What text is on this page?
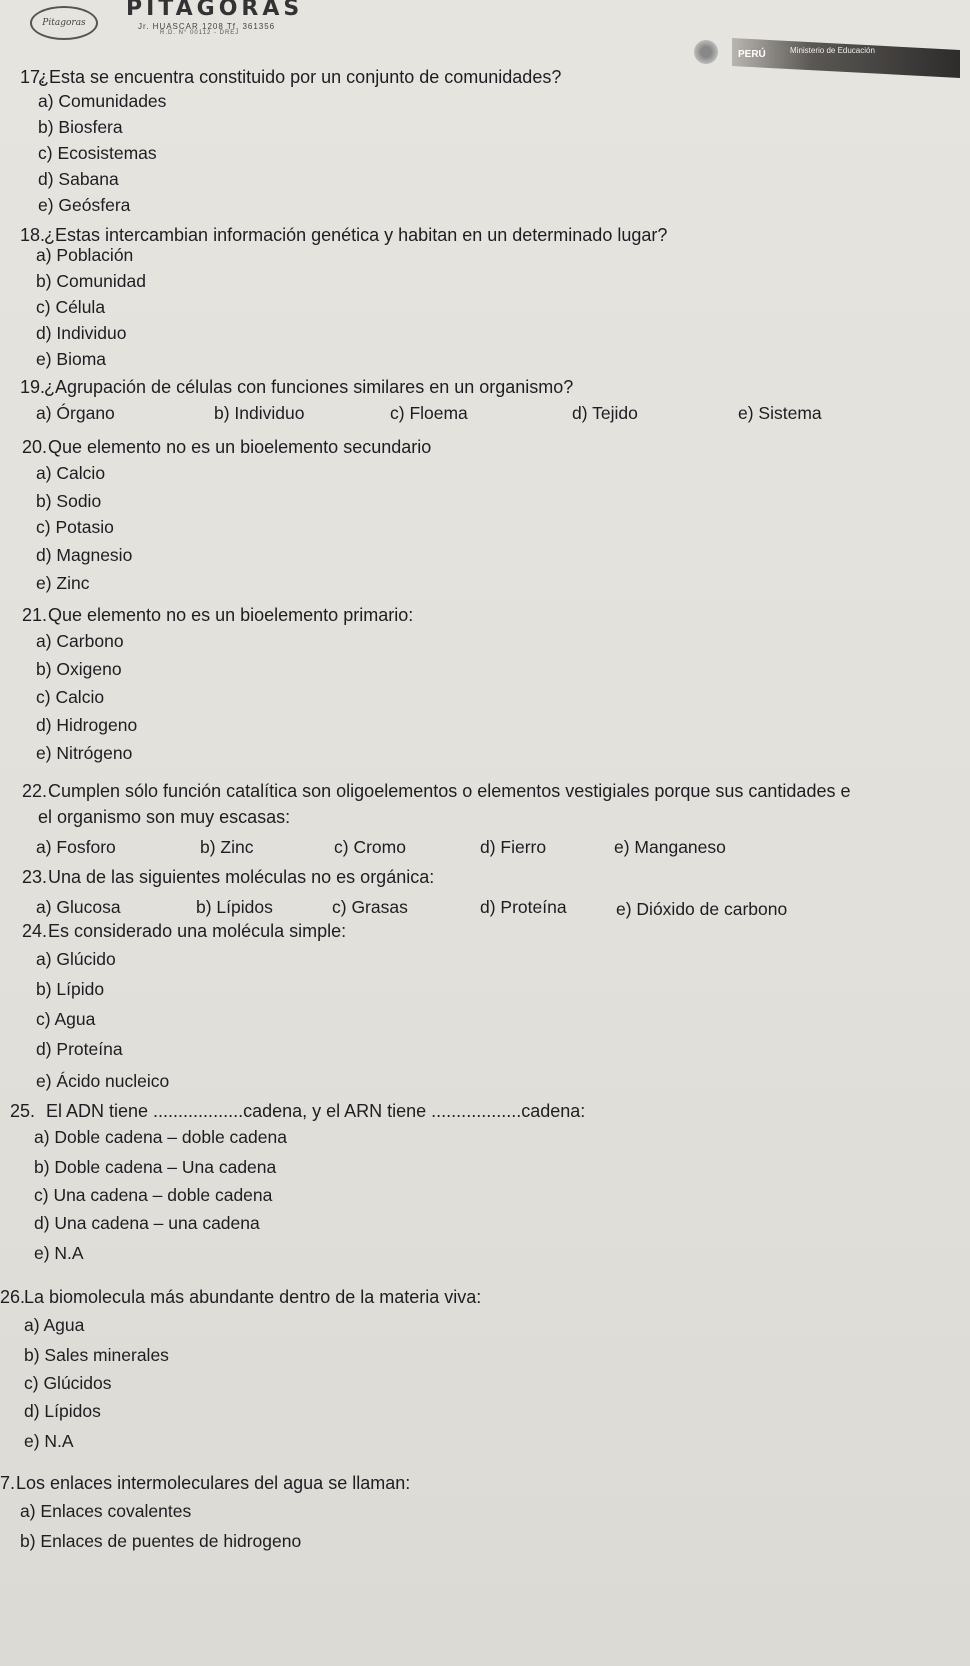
Pitagoras
PITAGORAS
Jr. HUASCAR 1208 Tf. 361356
R.D. N° 00112 - DREJ
PERÚ	Ministerio de Educación
17.
¿Esta se encuentra constituido por un conjunto de comunidades?
a) Comunidades
b) Biosfera
c) Ecosistemas
d) Sabana
e) Geósfera
18.
¿Estas intercambian información genética y habitan en un determinado lugar?
a) Población
b) Comunidad
c) Célula
d) Individuo
e) Bioma
19.
¿Agrupación de células con funciones similares en un organismo?
a) Órgano	b) Individuo	c) Floema	d) Tejido	e) Sistema
20. Que elemento no es un bioelemento secundario
a) Calcio
b) Sodio
c) Potasio
d) Magnesio
e) Zinc
21. Que elemento no es un bioelemento primario:
a) Carbono
b) Oxigeno
c) Calcio
d) Hidrogeno
e) Nitrógeno
22. Cumplen sólo función catalítica son oligoelementos o elementos vestigiales porque sus cantidades e
el organismo son muy escasas:
a) Fosforo	b) Zinc	c) Cromo	d) Fierro	e) Manganeso
23. Una de las siguientes moléculas no es orgánica:
a) Glucosa	b) Lípidos	c) Grasas	d) Proteína	e) Dióxido de carbono
24. Es considerado una molécula simple:
a) Glúcido
b) Lípido
c) Agua
d) Proteína
e) Ácido nucleico
25. El ADN tiene ..................cadena, y el ARN tiene ..................cadena:
a) Doble cadena – doble cadena
b) Doble cadena – Una cadena
c) Una cadena – doble cadena
d) Una cadena – una cadena
e) N.A
26.
La biomolecula más abundante dentro de la materia viva:
a) Agua
b) Sales minerales
c) Glúcidos
d) Lípidos
e) N.A
7. Los enlaces intermoleculares del agua se llaman:
a) Enlaces covalentes
b) Enlaces de puentes de hidrogeno
